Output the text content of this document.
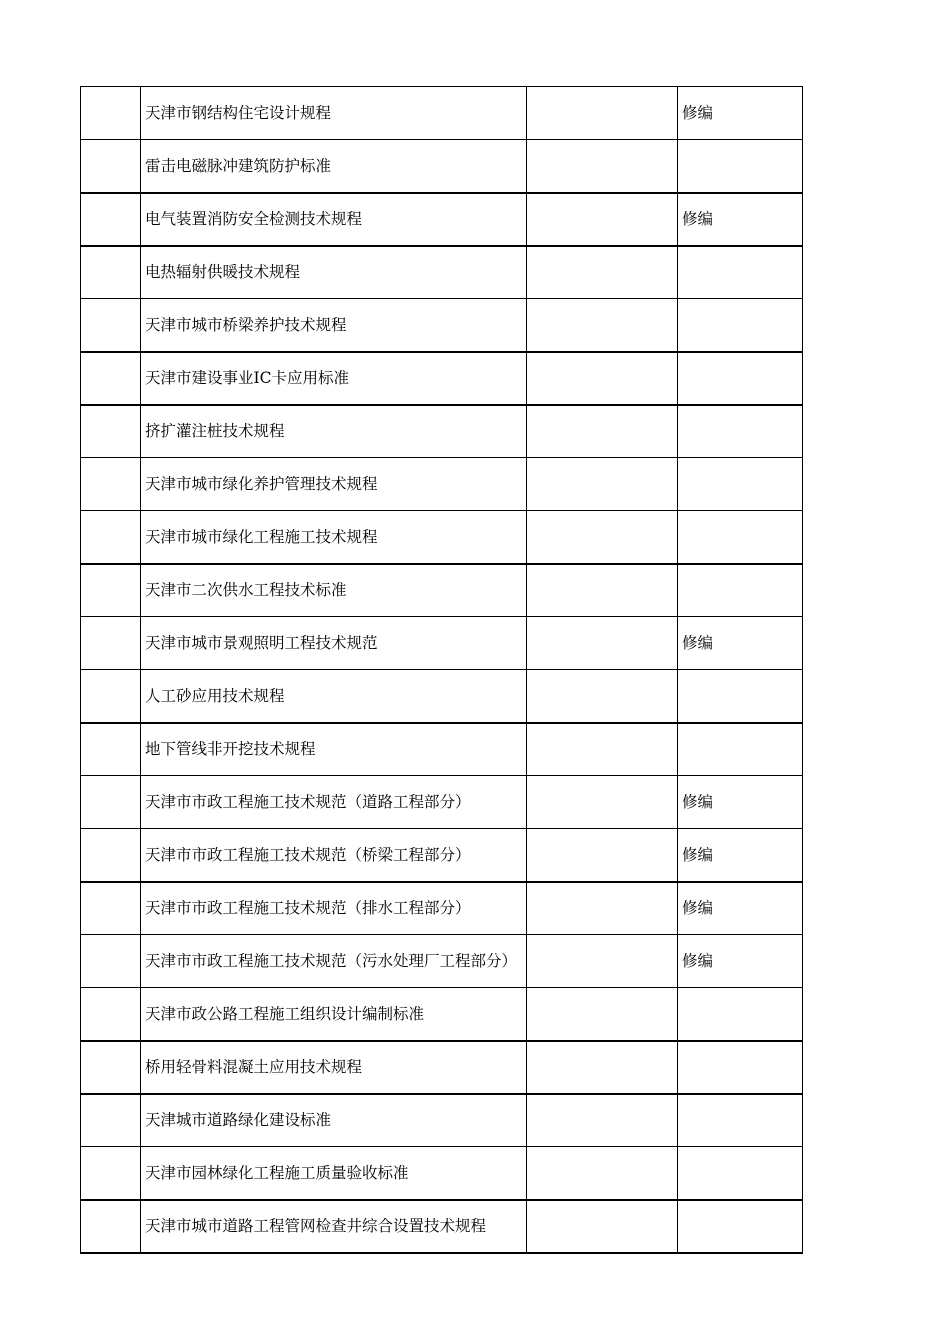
	天津市钢结构住宅设计规程		修编
	雷击电磁脉冲建筑防护标准		
	电气装置消防安全检测技术规程		修编
	电热辐射供暖技术规程		
	天津市城市桥梁养护技术规程		
	天津市建设事业IC卡应用标准		
	挤扩灌注桩技术规程		
	天津市城市绿化养护管理技术规程		
	天津市城市绿化工程施工技术规程		
	天津市二次供水工程技术标准		
	天津市城市景观照明工程技术规范		修编
	人工砂应用技术规程		
	地下管线非开挖技术规程		
	天津市市政工程施工技术规范（道路工程部分）		修编
	天津市市政工程施工技术规范（桥梁工程部分）		修编
	天津市市政工程施工技术规范（排水工程部分）		修编
	天津市市政工程施工技术规范（污水处理厂工程部分）		修编
	天津市政公路工程施工组织设计编制标准		
	桥用轻骨料混凝土应用技术规程		
	天津城市道路绿化建设标准		
	天津市园林绿化工程施工质量验收标准		
	天津市城市道路工程管网检查井综合设置技术规程		
